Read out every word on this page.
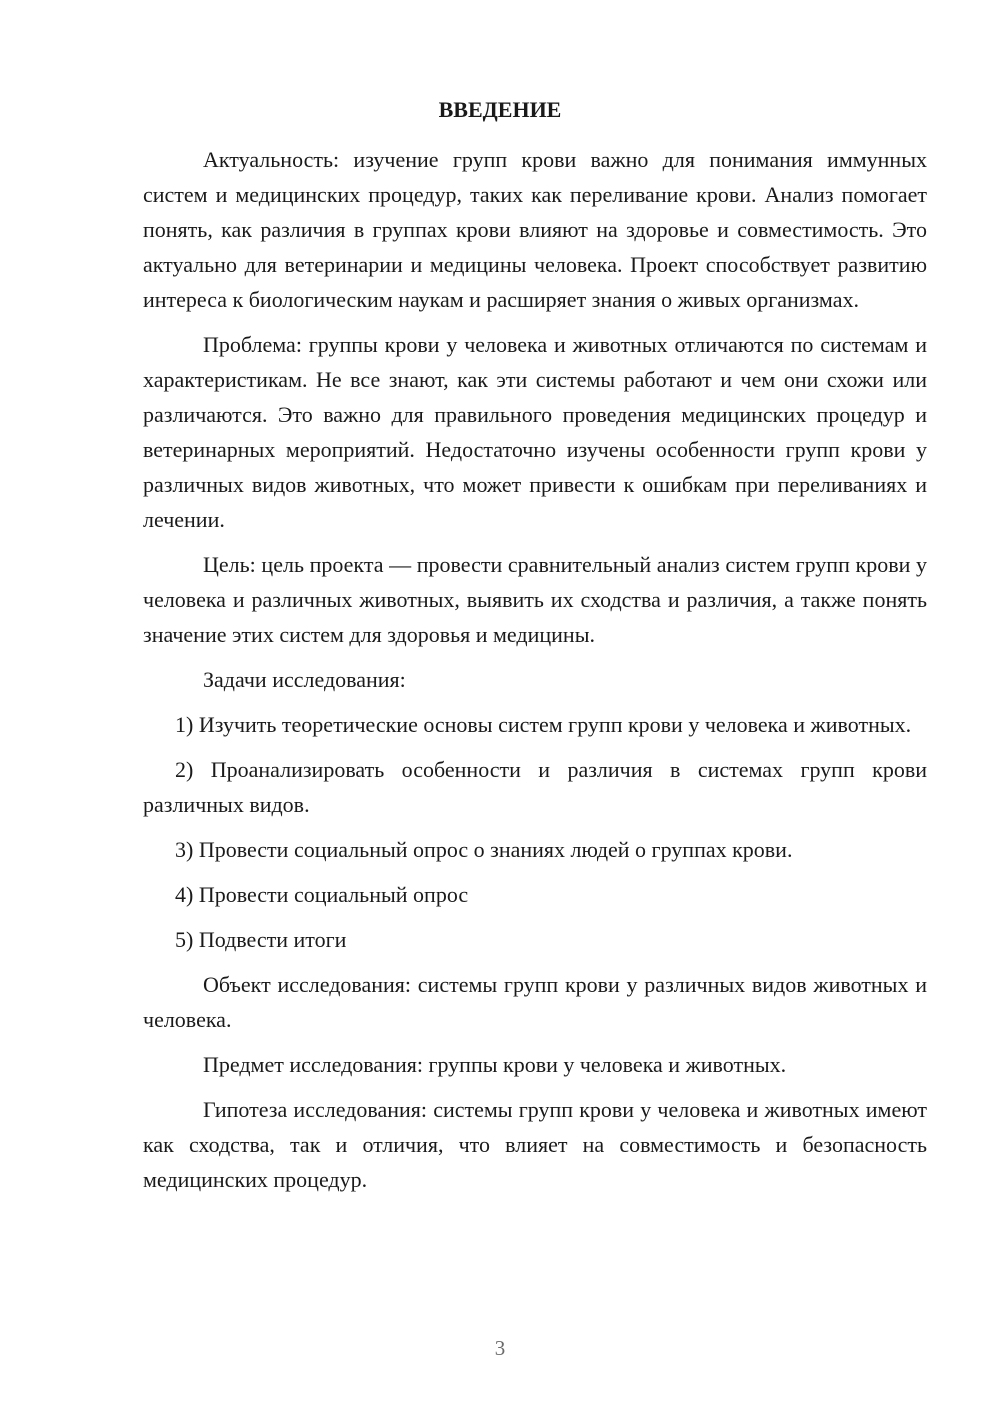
ВВЕДЕНИЕ

Актуальность: изучение групп крови важно для понимания иммунных систем и медицинских процедур, таких как переливание крови. Анализ помогает понять, как различия в группах крови влияют на здоровье и совместимость. Это актуально для ветеринарии и медицины человека. Проект способствует развитию интереса к биологическим наукам и расширяет знания о живых организмах.

Проблема: группы крови у человека и животных отличаются по системам и характеристикам. Не все знают, как эти системы работают и чем они схожи или различаются. Это важно для правильного проведения медицинских процедур и ветеринарных мероприятий. Недостаточно изучены особенности групп крови у различных видов животных, что может привести к ошибкам при переливаниях и лечении.

Цель: цель проекта — провести сравнительный анализ систем групп крови у человека и различных животных, выявить их сходства и различия, а также понять значение этих систем для здоровья и медицины.

Задачи исследования:

1) Изучить теоретические основы систем групп крови у человека и животных.

2) Проанализировать особенности и различия в системах групп крови различных видов.

3) Провести социальный опрос о знаниях людей о группах крови.

4) Провести социальный опрос

5) Подвести итоги

Объект исследования: системы групп крови у различных видов животных и человека.

Предмет исследования: группы крови у человека и животных.

Гипотеза исследования: системы групп крови у человека и животных имеют как сходства, так и отличия, что влияет на совместимость и безопасность медицинских процедур.

3
